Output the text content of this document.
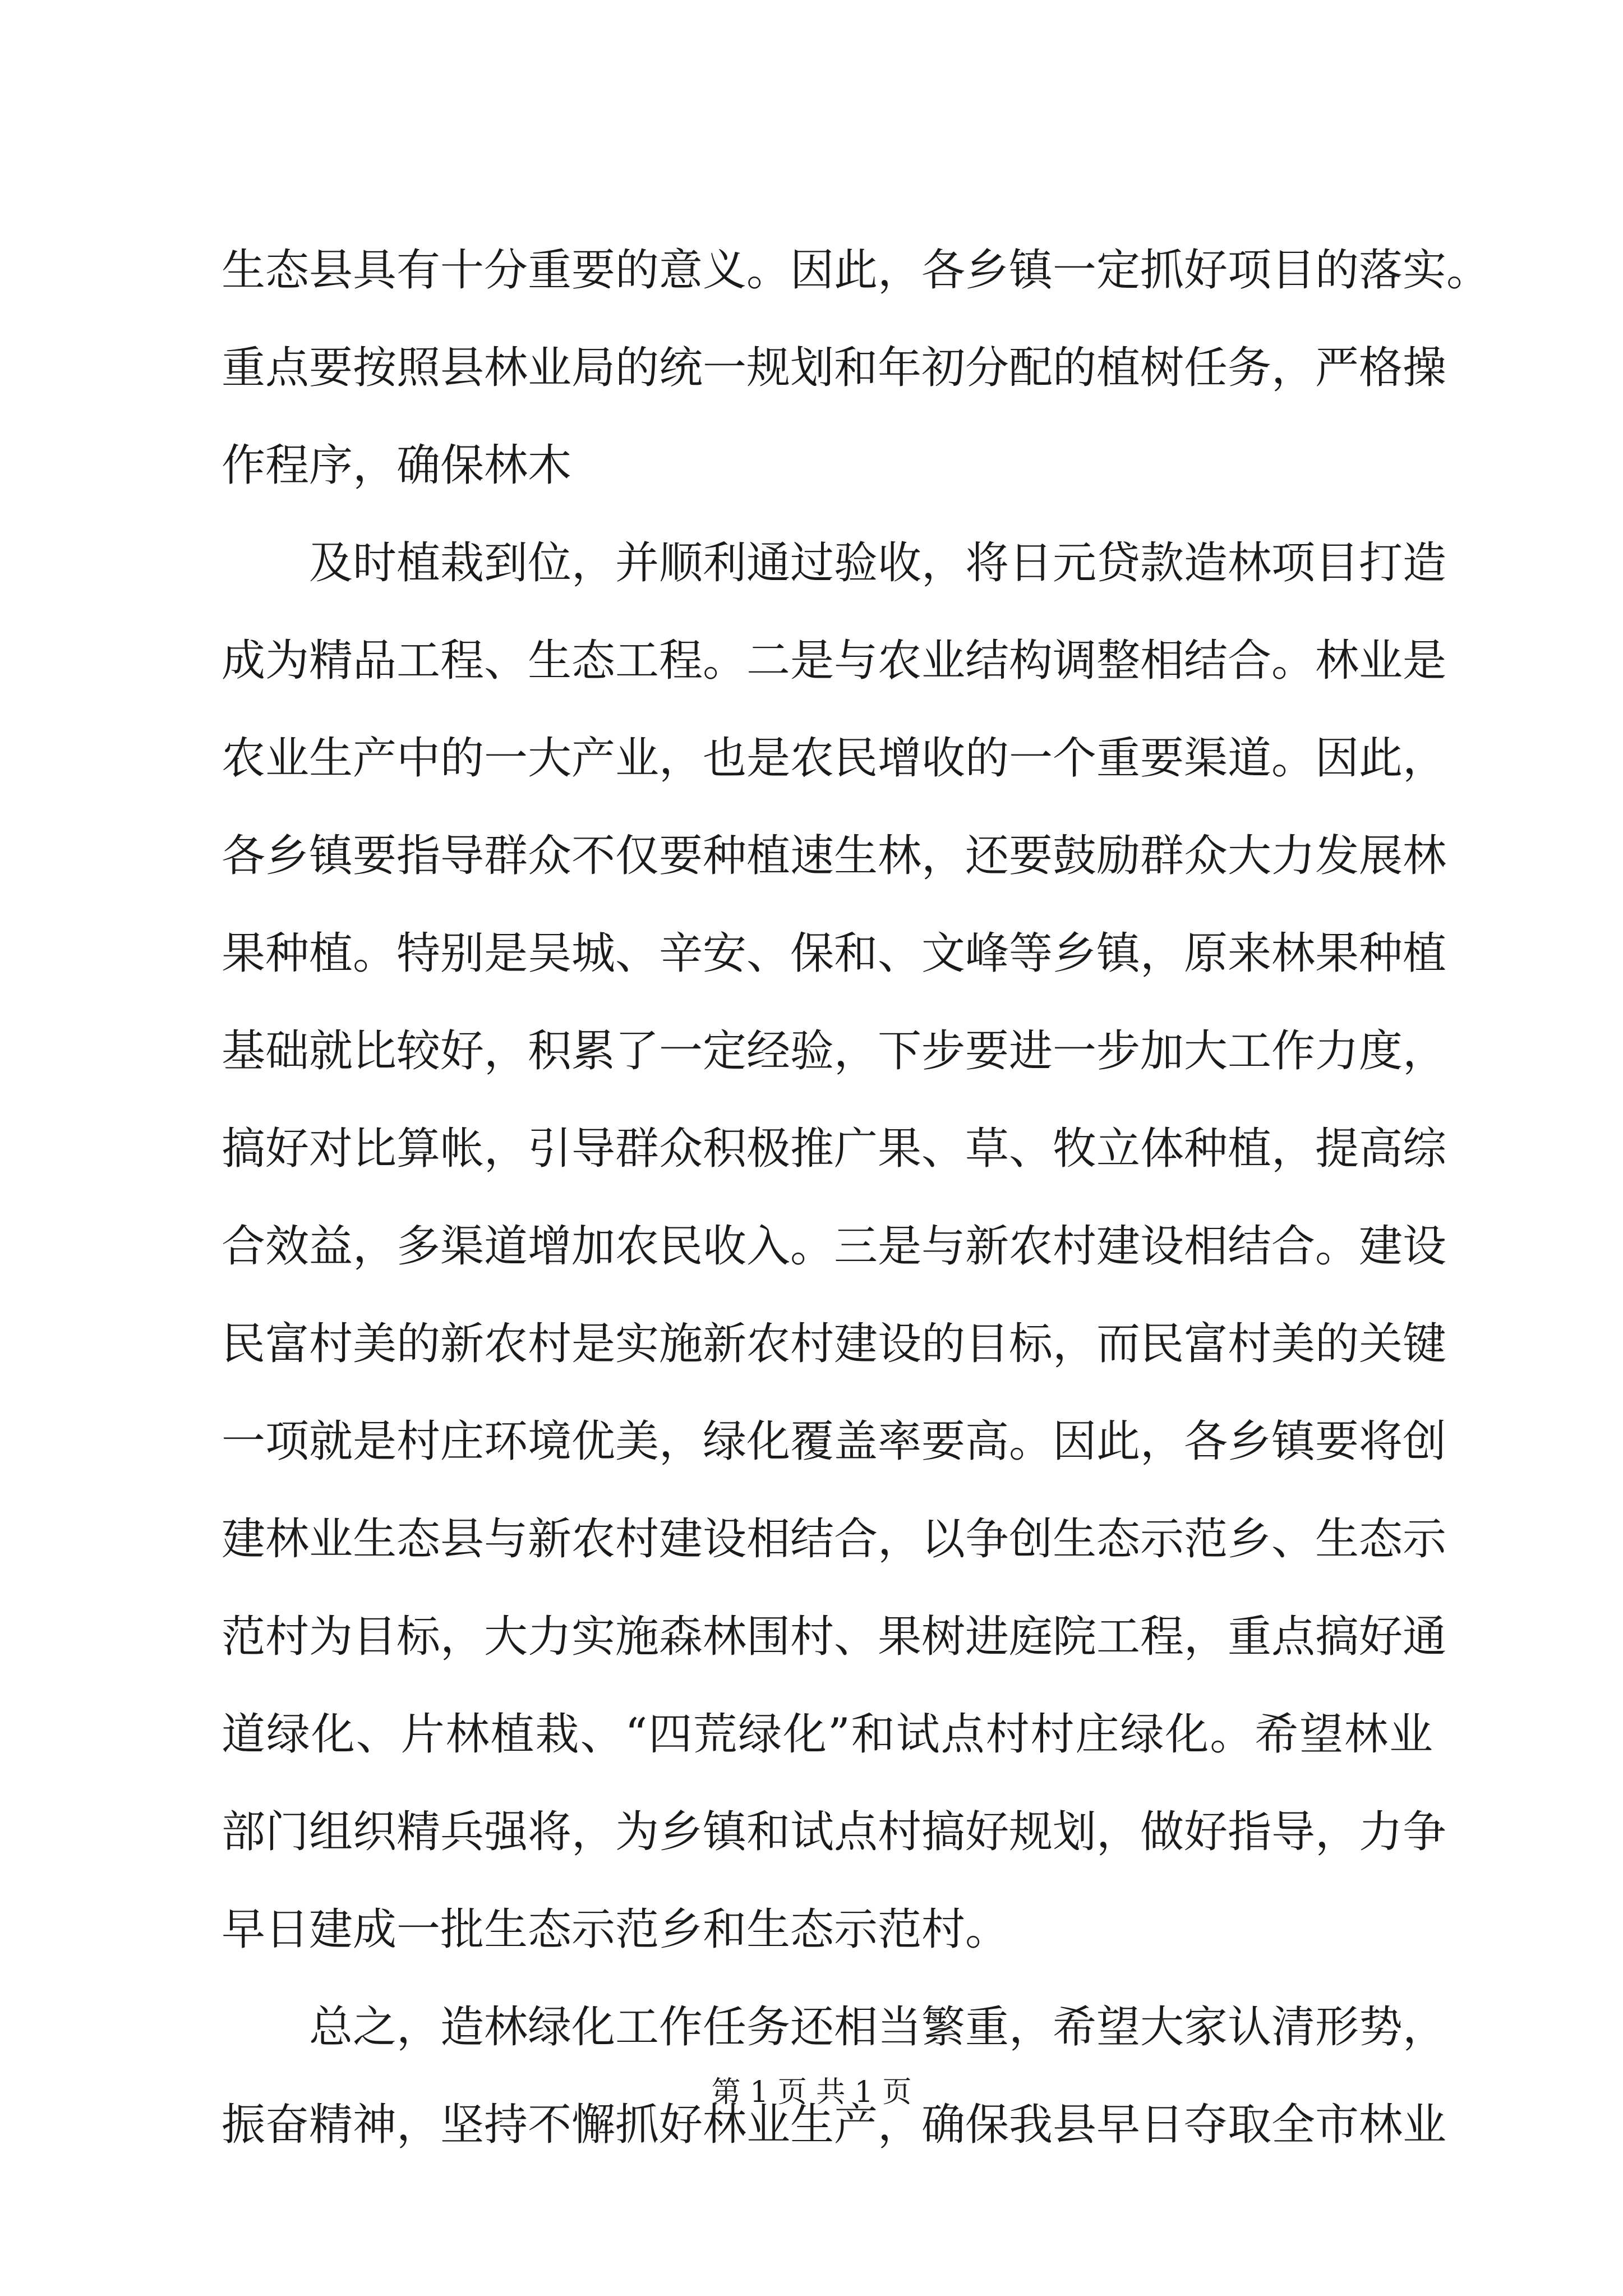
生态县具有十分重要的意义。因此，各乡镇一定抓好项目的落实。
重点要按照县林业局的统一规划和年初分配的植树任务，严格操
作程序，确保林木
及时植栽到位，并顺利通过验收，将日元贷款造林项目打造
成为精品工程、生态工程。二是与农业结构调整相结合。林业是
农业生产中的一大产业，也是农民增收的一个重要渠道。因此，
各乡镇要指导群众不仅要种植速生林，还要鼓励群众大力发展林
果种植。特别是吴城、辛安、保和、文峰等乡镇，原来林果种植
基础就比较好，积累了一定经验，下步要进一步加大工作力度，
搞好对比算帐，引导群众积极推广果、草、牧立体种植，提高综
合效益，多渠道增加农民收入。三是与新农村建设相结合。建设
民富村美的新农村是实施新农村建设的目标，而民富村美的关键
一项就是村庄环境优美，绿化覆盖率要高。因此，各乡镇要将创
建林业生态县与新农村建设相结合，以争创生态示范乡、生态示
范村为目标，大力实施森林围村、果树进庭院工程，重点搞好通
道绿化、片林植栽、“四荒绿化”和试点村村庄绿化。希望林业
部门组织精兵强将，为乡镇和试点村搞好规划，做好指导，力争
早日建成一批生态示范乡和生态示范村。
总之，造林绿化工作任务还相当繁重，希望大家认清形势，
振奋精神，坚持不懈抓好林业生产，确保我县早日夺取全市林业
第 1 页 共 1 页
